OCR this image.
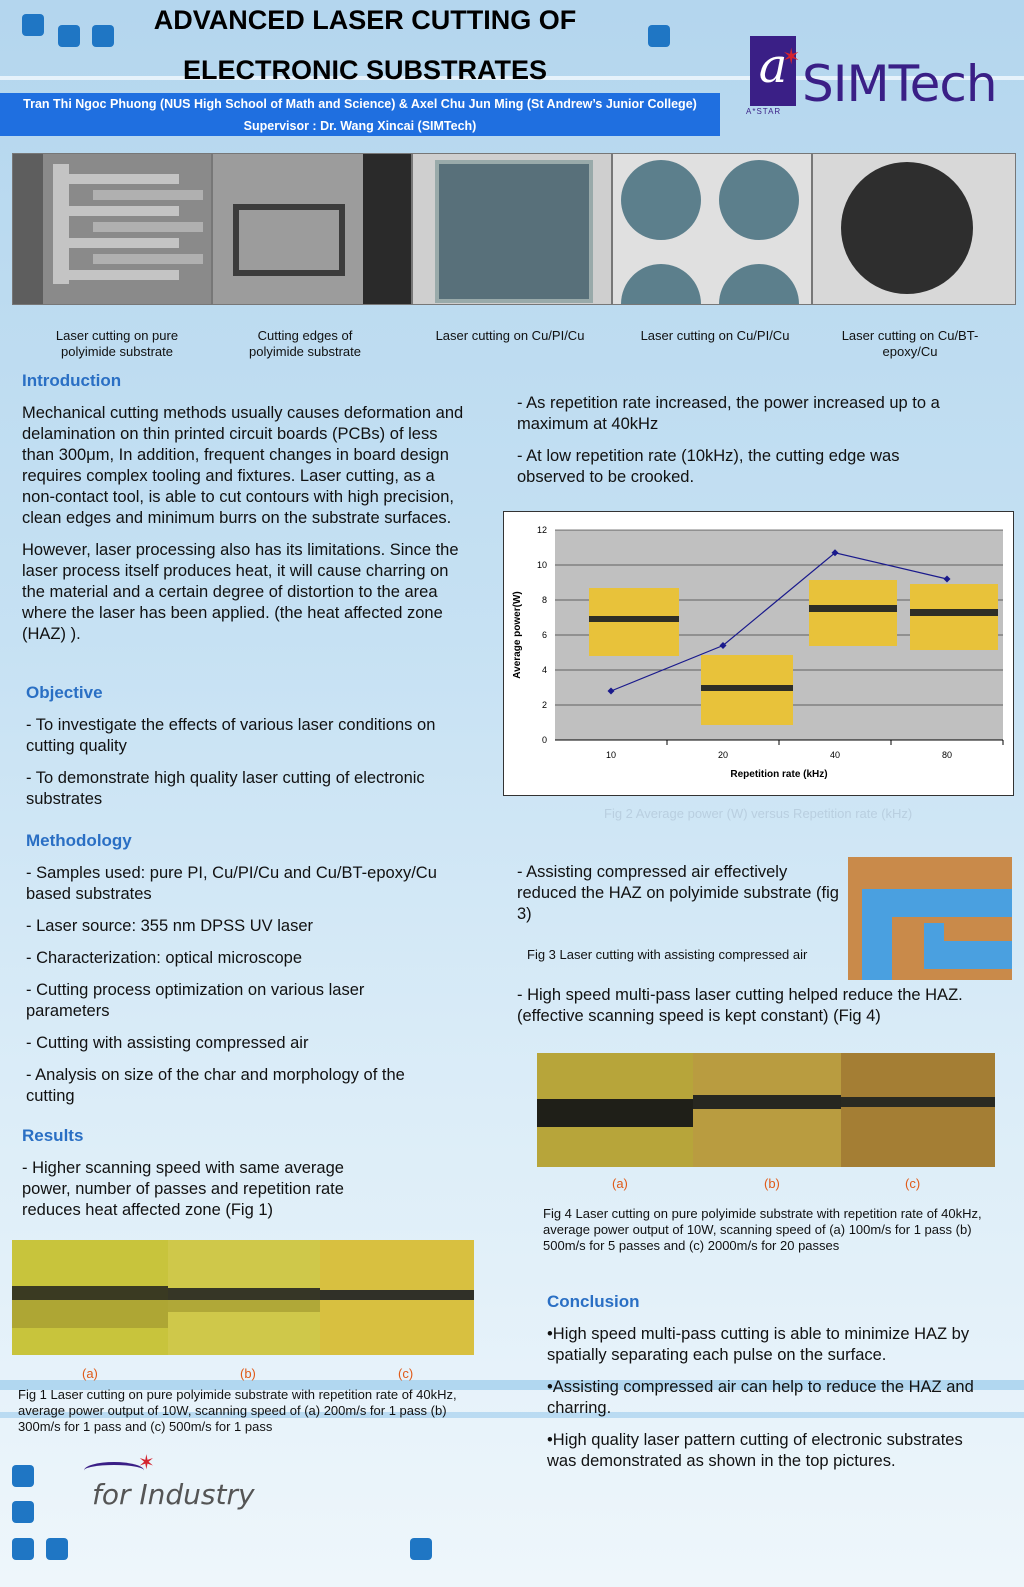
ADVANCED LASER CUTTING OF
ELECTRONIC SUBSTRATES
Tran Thi Ngoc Phuong (NUS High School of Math and Science) & Axel Chu Jun Ming (St Andrew’s Junior College)
Supervisor : Dr. Wang Xincai (SIMTech)
a
✶
A*STAR SIMTech
Laser cutting on pure polyimide substrate
Cutting edges of polyimide substrate
Laser cutting on Cu/PI/Cu	Laser cutting on Cu/PI/Cu	Laser cutting on Cu/BT-epoxy/Cu
Introduction

Mechanical cutting methods usually causes deformation and delamination on thin printed circuit boards (PCBs) of less than 300μm, In addition, frequent changes in board design requires complex tooling and fixtures. Laser cutting, as a non-contact tool, is able to cut contours with high precision, clean edges and minimum burrs on the substrate surfaces.

However, laser processing also has its limitations. Since the laser process itself produces heat, it will cause charring on the material and a certain degree of distortion to the area where the laser has been applied. (the heat affected zone (HAZ) ).

Objective

- To investigate the effects of various laser conditions on cutting quality

- To demonstrate high quality laser cutting of electronic substrates

Methodology

- Samples used: pure PI, Cu/PI/Cu and Cu/BT-epoxy/Cu based substrates

- Laser source: 355 nm DPSS UV laser

- Characterization: optical microscope

- Cutting process optimization on various laser parameters

- Cutting with assisting compressed air

- Analysis on size of the char and morphology of the cutting

Results
- Higher scanning speed with same average power, number of passes and repetition rate reduces heat affected zone (Fig 1)
(a)	(b)	(c)
Fig 1 Laser cutting on pure polyimide substrate with repetition rate of 40kHz, average power output of 10W, scanning speed of (a) 200m/s for 1 pass (b) 300m/s for 1 pass and (c) 500m/s for 1 pass
✶
for Industry

- As repetition rate increased, the power increased up to a maximum at 40kHz

- At low repetition rate (10kHz), the cutting edge was observed to be crooked.

0
2
4
6
8
10
12
10	20	40	80
Average power(W)
Repetition rate (kHz)
Fig 2 Average power (W) versus Repetition rate (kHz)
- Assisting compressed air effectively reduced the HAZ on polyimide substrate (fig 3)
Fig 3 Laser cutting with assisting compressed air
- High speed multi-pass laser cutting helped reduce the HAZ. (effective scanning speed is kept constant) (Fig 4)
(a)	(b)	(c)
Fig 4 Laser cutting on pure polyimide substrate with repetition rate of 40kHz, average power output of 10W, scanning speed of (a) 100m/s for 1 pass (b) 500m/s for 5 passes and (c) 2000m/s for 20 passes
Conclusion

•High speed multi-pass cutting is able to minimize HAZ by spatially separating each pulse on the surface.

•Assisting compressed air can help to reduce the HAZ and charring.

•High quality laser pattern cutting of electronic substrates was demonstrated as shown in the top pictures.
